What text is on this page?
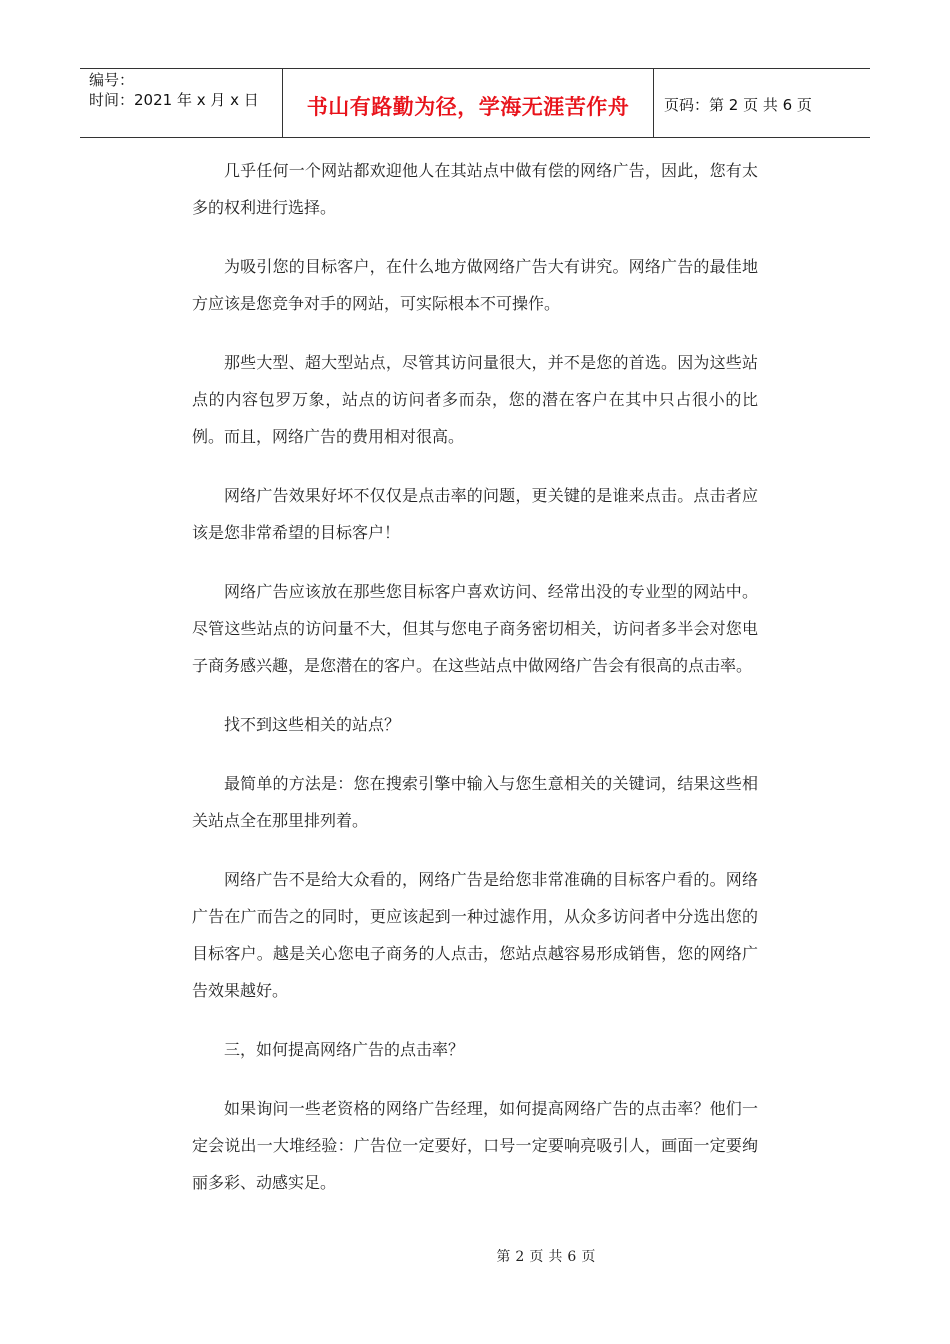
编号：
时间：2021 年 x 月 x 日	书山有路勤为径，学海无涯苦作舟 页码：第 2 页 共 6 页

几乎任何一个网站都欢迎他人在其站点中做有偿的网络广告，因此，您有太多的权利进行选择。

为吸引您的目标客户，在什么地方做网络广告大有讲究。网络广告的最佳地方应该是您竞争对手的网站，可实际根本不可操作。

那些大型、超大型站点，尽管其访问量很大，并不是您的首选。因为这些站点的内容包罗万象，站点的访问者多而杂，您的潜在客户在其中只占很小的比例。而且，网络广告的费用相对很高。

网络广告效果好坏不仅仅是点击率的问题，更关键的是谁来点击。点击者应该是您非常希望的目标客户！

网络广告应该放在那些您目标客户喜欢访问、经常出没的专业型的网站中。尽管这些站点的访问量不大，但其与您电子商务密切相关，访问者多半会对您电子商务感兴趣，是您潜在的客户。在这些站点中做网络广告会有很高的点击率。

找不到这些相关的站点？

最简单的方法是：您在搜索引擎中输入与您生意相关的关键词，结果这些相关站点全在那里排列着。

网络广告不是给大众看的，网络广告是给您非常准确的目标客户看的。网络广告在广而告之的同时，更应该起到一种过滤作用，从众多访问者中分选出您的目标客户。越是关心您电子商务的人点击，您站点越容易形成销售，您的网络广告效果越好。

三，如何提高网络广告的点击率？

如果询问一些老资格的网络广告经理，如何提高网络广告的点击率？他们一定会说出一大堆经验：广告位一定要好，口号一定要响亮吸引人，画面一定要绚丽多彩、动感实足。

第 2 页 共 6 页
